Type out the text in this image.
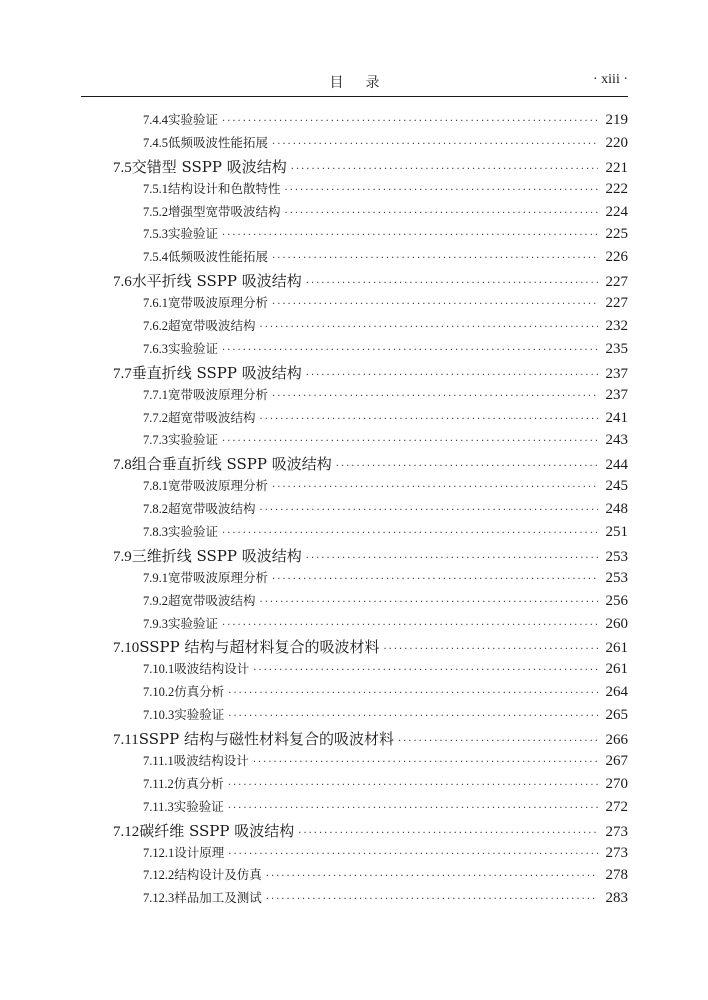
目录	· xiii ·
7.4.4 实验验证 ·····	219
7.4.5 低频吸波性能拓展 ·····	220
7.5 交错型 SSPP 吸波结构 ·····	221
7.5.1 结构设计和色散特性 ·····	222
7.5.2 增强型宽带吸波结构 ·····	224
7.5.3 实验验证 ·····	225
7.5.4 低频吸波性能拓展 ·····	226
7.6 水平折线 SSPP 吸波结构 ·····	227
7.6.1 宽带吸波原理分析 ·····	227
7.6.2 超宽带吸波结构 ·····	232
7.6.3 实验验证 ·····	235
7.7 垂直折线 SSPP 吸波结构 ·····	237
7.7.1 宽带吸波原理分析 ·····	237
7.7.2 超宽带吸波结构 ·····	241
7.7.3 实验验证 ·····	243
7.8 组合垂直折线 SSPP 吸波结构 ·····	244
7.8.1 宽带吸波原理分析 ·····	245
7.8.2 超宽带吸波结构 ·····	248
7.8.3 实验验证 ·····	251
7.9 三维折线 SSPP 吸波结构 ·····	253
7.9.1 宽带吸波原理分析 ·····	253
7.9.2 超宽带吸波结构 ·····	256
7.9.3 实验验证 ·····	260
7.10 SSPP 结构与超材料复合的吸波材料 ·····	261
7.10.1 吸波结构设计 ·····	261
7.10.2 仿真分析 ·····	264
7.10.3 实验验证 ·····	265
7.11 SSPP 结构与磁性材料复合的吸波材料 ·····	266
7.11.1 吸波结构设计 ·····	267
7.11.2 仿真分析 ·····	270
7.11.3 实验验证 ·····	272
7.12 碳纤维 SSPP 吸波结构 ·····	273
7.12.1 设计原理 ·····	273
7.12.2 结构设计及仿真 ·····	278
7.12.3 样品加工及测试 ·····	283
